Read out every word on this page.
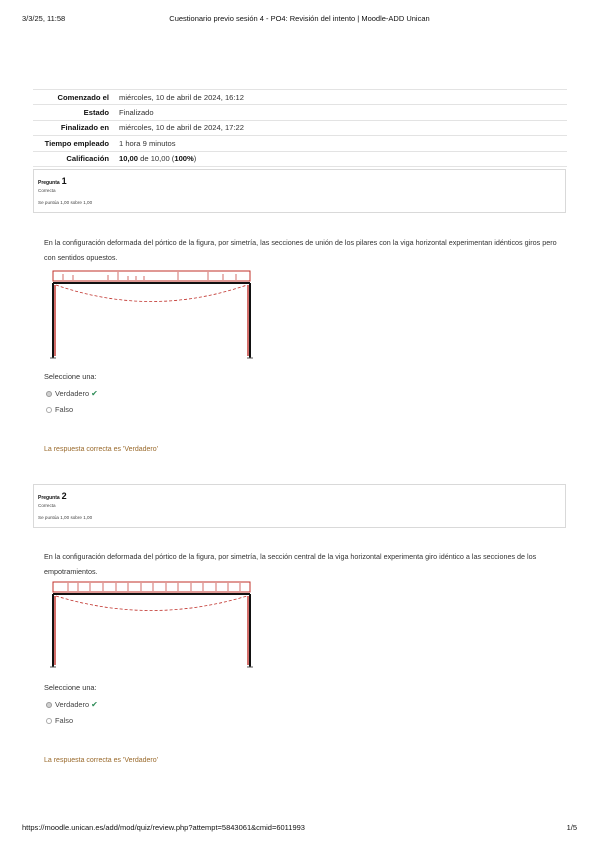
3/3/25, 11:58	Cuestionario previo sesión 4 - PO4: Revisión del intento | Moodle-ADD Unican
Comenzado el	miércoles, 10 de abril de 2024, 16:12
Estado	Finalizado
Finalizado en	miércoles, 10 de abril de 2024, 17:22
Tiempo empleado	1 hora 9 minutos
Calificación	10,00 de 10,00 (100%)
Pregunta 1
Correcta
Se puntúa 1,00 sobre 1,00
En la configuración deformada del pórtico de la figura, por simetría, las secciones de unión de los pilares con la viga horizontal experimentan idénticos giros pero con sentidos opuestos.
Seleccione una:
Verdadero ✔
Falso
La respuesta correcta es 'Verdadero'
Pregunta 2
Correcta
Se puntúa 1,00 sobre 1,00
En la configuración deformada del pórtico de la figura, por simetría, la sección central de la viga horizontal experimenta giro idéntico a las secciones de los empotramientos.
Seleccione una:
Verdadero ✔
Falso
La respuesta correcta es 'Verdadero'
https://moodle.unican.es/add/mod/quiz/review.php?attempt=5843061&cmid=6011993	1/5
